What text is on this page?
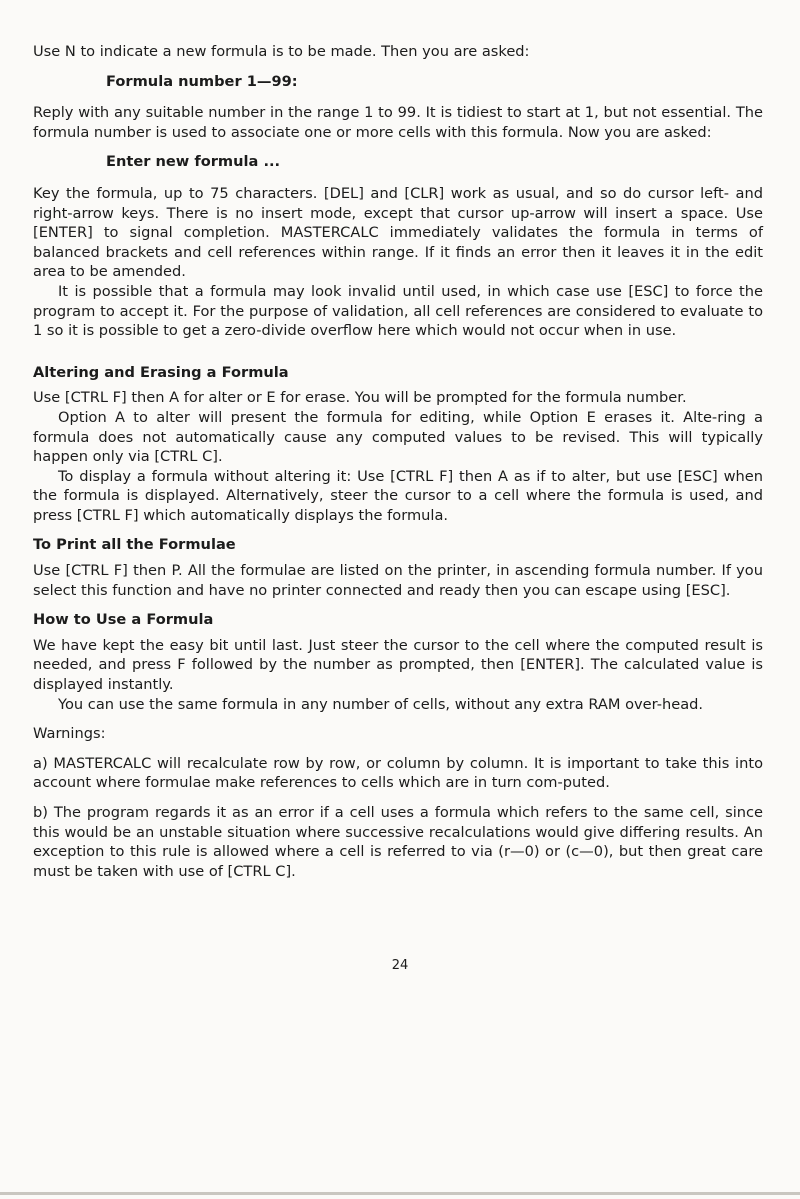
Use N to indicate a new formula is to be made. Then you are asked:

Formula number 1—99:

Reply with any suitable number in the range 1 to 99. It is tidiest to start at 1, but not essential. The formula number is used to associate one or more cells with this formula. Now you are asked:

Enter new formula ...

Key the formula, up to 75 characters. [DEL] and [CLR] work as usual, and so do cursor left- and right-arrow keys. There is no insert mode, except that cursor up-arrow will insert a space. Use [ENTER] to signal completion. MASTERCALC immediately validates the formula in terms of balanced brackets and cell references within range. If it finds an error then it leaves it in the edit area to be amended.

It is possible that a formula may look invalid until used, in which case use [ESC] to force the program to accept it. For the purpose of validation, all cell references are considered to evaluate to 1 so it is possible to get a zero-divide overflow here which would not occur when in use.

Altering and Erasing a Formula

Use [CTRL F] then A for alter or E for erase. You will be prompted for the formula number.

Option A to alter will present the formula for editing, while Option E erases it. Alte-ring a formula does not automatically cause any computed values to be revised. This will typically happen only via [CTRL C].

To display a formula without altering it: Use [CTRL F] then A as if to alter, but use [ESC] when the formula is displayed. Alternatively, steer the cursor to a cell where the formula is used, and press [CTRL F] which automatically displays the formula.

To Print all the Formulae

Use [CTRL F] then P. All the formulae are listed on the printer, in ascending formula number. If you select this function and have no printer connected and ready then you can escape using [ESC].

How to Use a Formula

We have kept the easy bit until last. Just steer the cursor to the cell where the computed result is needed, and press F followed by the number as prompted, then [ENTER]. The calculated value is displayed instantly.

You can use the same formula in any number of cells, without any extra RAM over-head.

Warnings:

a) MASTERCALC will recalculate row by row, or column by column. It is important to take this into account where formulae make references to cells which are in turn com-puted.

b) The program regards it as an error if a cell uses a formula which refers to the same cell, since this would be an unstable situation where successive recalculations would give differing results. An exception to this rule is allowed where a cell is referred to via (r—0) or (c—0), but then great care must be taken with use of [CTRL C].

24
